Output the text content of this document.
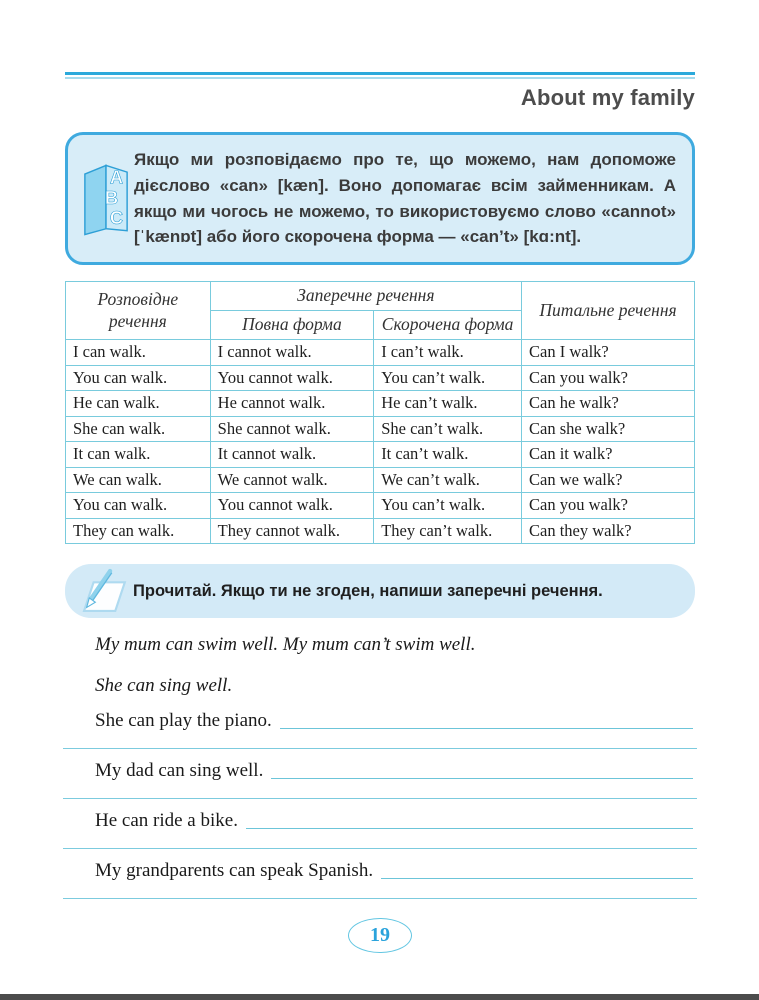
About my family
A
B
C
Якщо ми розповідаємо про те, що можемо, нам допоможе дієслово «can» [kæn]. Воно допомагає всім займенникам. А якщо ми чогось не можемо, то використовуємо слово «cannot» [ˈkænɒt] або його скорочена форма — «can’t» [kɑ:nt].
Розповідне речення	Заперечне речення		Питальне речення
	Повна форма	Скорочена форма	
I can walk.	I cannot walk.	I can’t walk.	Can I walk?
You can walk.	You cannot walk.	You can’t walk.	Can you walk?
He can walk.	He cannot walk.	He can’t walk.	Can he walk?
She can walk.	She cannot walk.	She can’t walk.	Can she walk?
It can walk.	It cannot walk.	It can’t walk.	Can it walk?
We can walk.	We cannot walk.	We can’t walk.	Can we walk?
You can walk.	You cannot walk.	You can’t walk.	Can you walk?
They can walk.	They cannot walk.	They can’t walk.	Can they walk?
Прочитай. Якщо ти не згоден, напиши заперечні речення.
My mum can swim well. My mum can’t swim well.
She can sing well.
She can play the piano.
My dad can sing well.
He can ride a bike.
My grandparents can speak Spanish.
19
